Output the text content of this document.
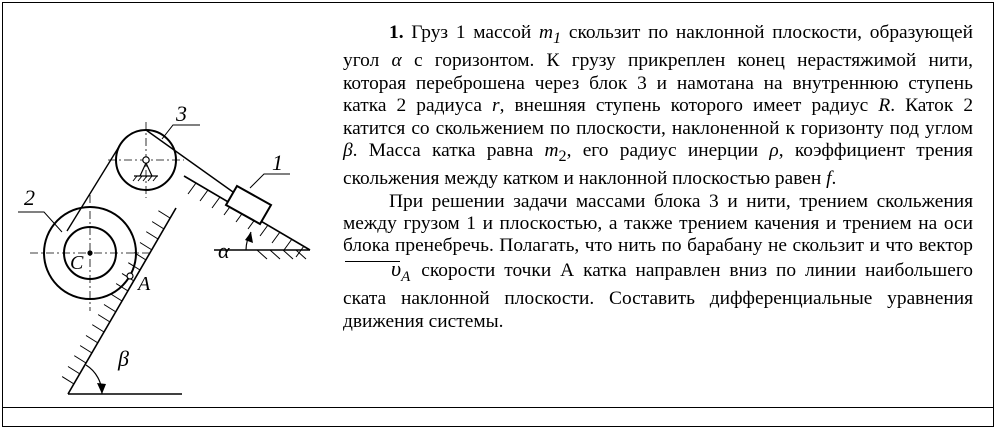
3
1
2
C
A
α
β

1. Груз 1 массой $m_1$ скользит по наклонной плоскости, образующей угол α с горизонтом. К грузу прикреплен конец нерастяжимой нити, которая переброшена через блок 3 и намотана на внутреннюю ступень катка 2 радиуса r, внешняя ступень которого имеет радиус R. Каток 2 катится со скольжением по плоскости, наклоненной к горизонту под углом β. Масса катка равна $m_2$, его радиус инерции ρ, коэффициент трения скольжения между катком и наклонной плоскостью равен f.

При решении задачи массами блока 3 и нити, трением скольжения между грузом 1 и плоскостью, а также трением качения и трением на оси блока пренебречь. Полагать, что нить по барабану не скользит и что вектор
$\upsilon_A$ скорости точки А катка направлен вниз по линии наибольшего ската наклонной плоскости. Составить дифференциальные уравнения движения системы.
